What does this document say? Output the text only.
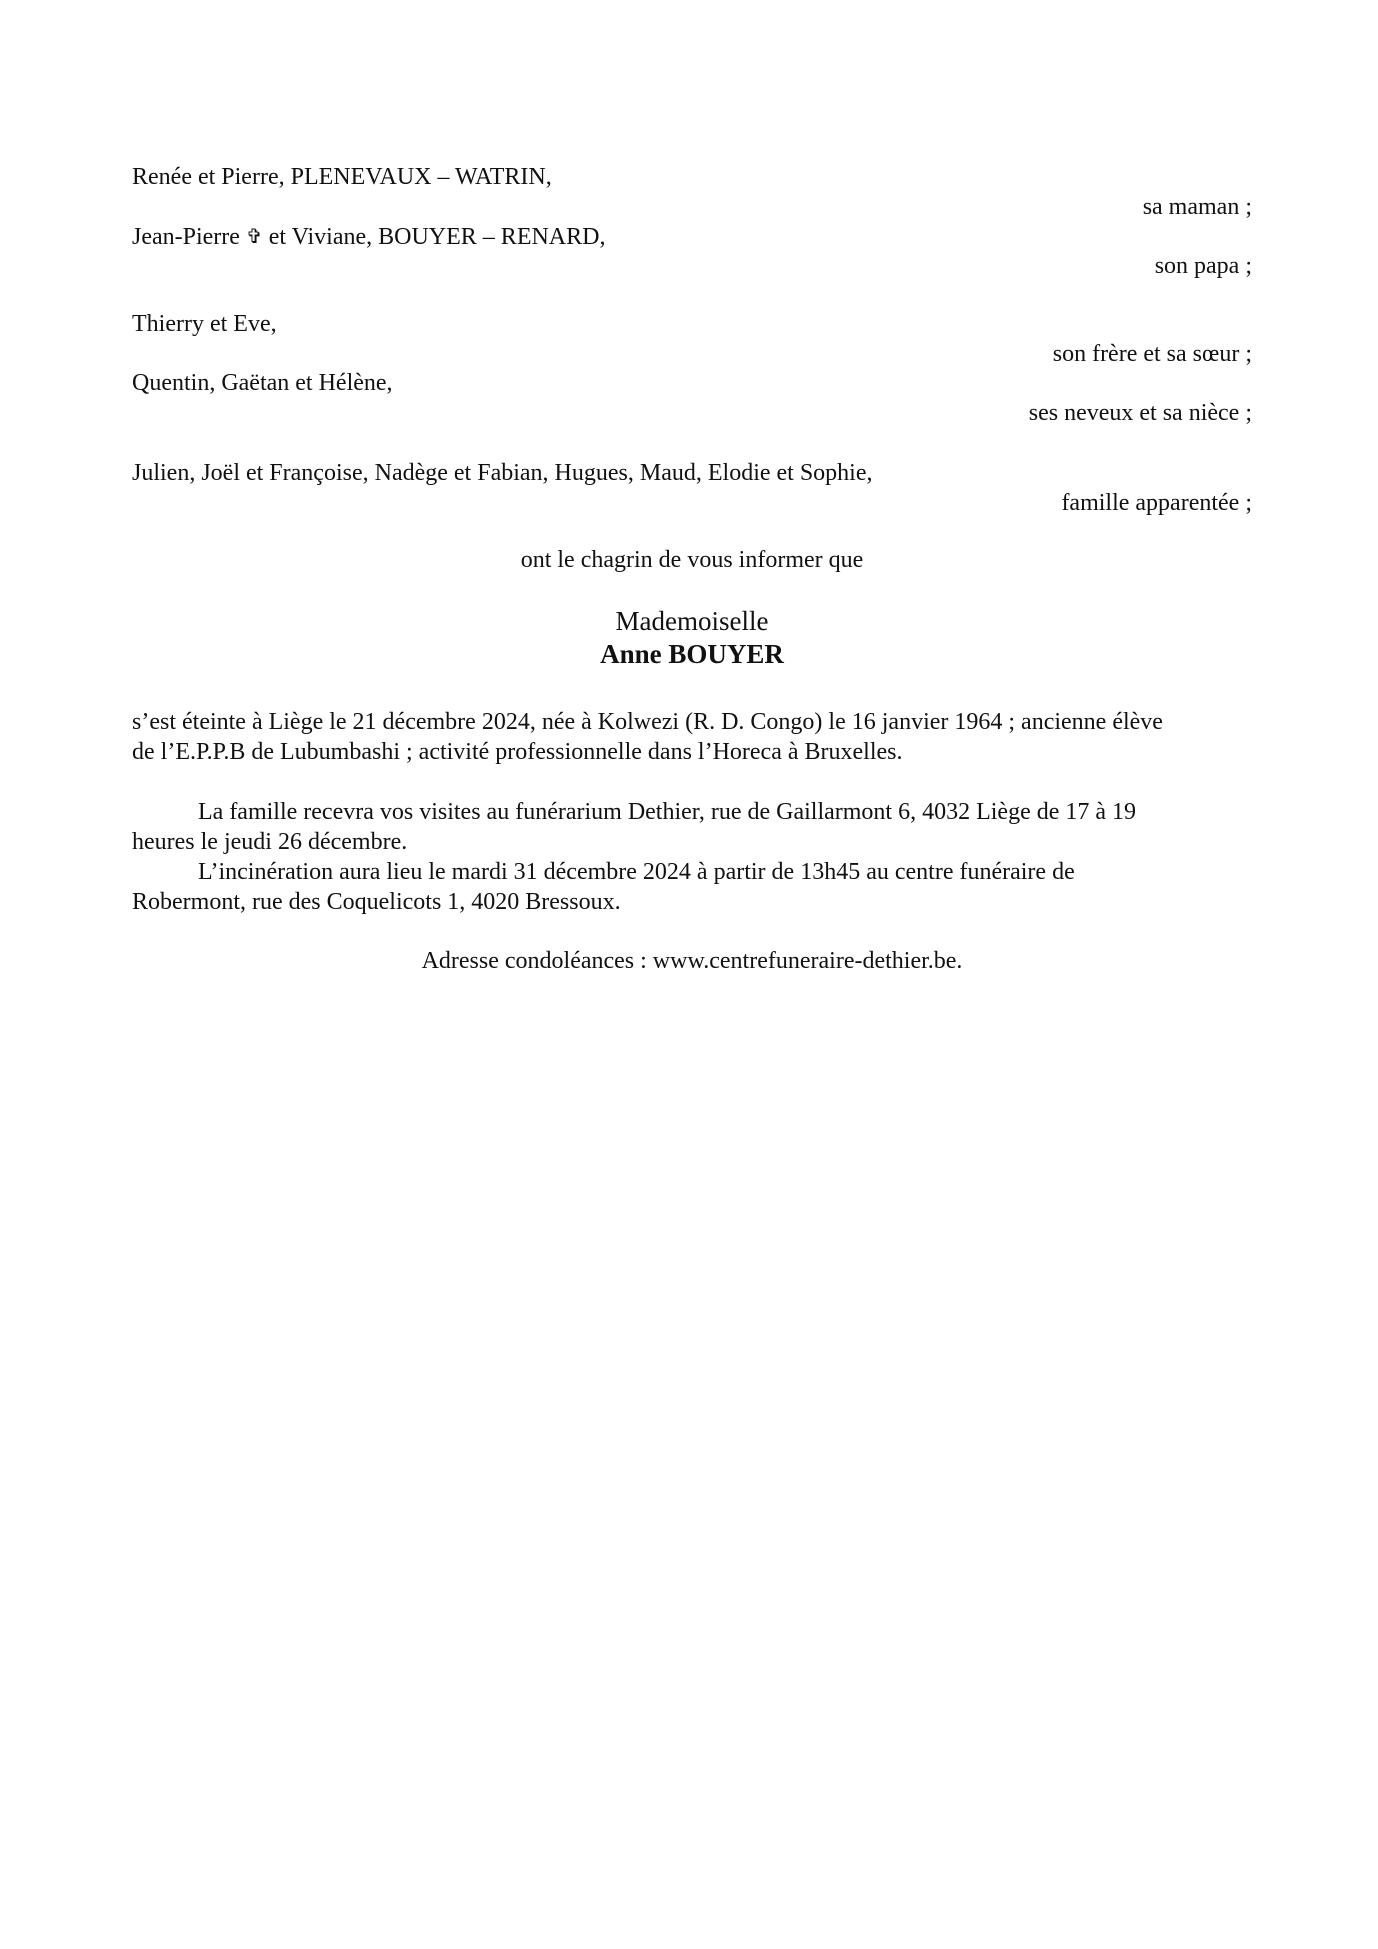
Renée et Pierre, PLENEVAUX – WATRIN,
sa maman ;
Jean-Pierre ✞ et Viviane, BOUYER – RENARD,
son papa ;
Thierry et Eve,
son frère et sa sœur ;
Quentin, Gaëtan et Hélène,
ses neveux et sa nièce ;
Julien, Joël et Françoise, Nadège et Fabian, Hugues, Maud, Elodie et Sophie,
famille apparentée ;
ont le chagrin de vous informer que
Mademoiselle
Anne BOUYER
s’est éteinte à Liège le 21 décembre 2024, née à Kolwezi (R. D. Congo) le 16 janvier 1964 ; ancienne élève
de l’E.P.P.B de Lubumbashi ; activité professionnelle dans l’Horeca à Bruxelles.
La famille recevra vos visites au funérarium Dethier, rue de Gaillarmont 6, 4032 Liège de 17 à 19
heures le jeudi 26 décembre.
L’incinération aura lieu le mardi 31 décembre 2024 à partir de 13h45 au centre funéraire de
Robermont, rue des Coquelicots 1, 4020 Bressoux.
Adresse condoléances : www.centrefuneraire-dethier.be.
